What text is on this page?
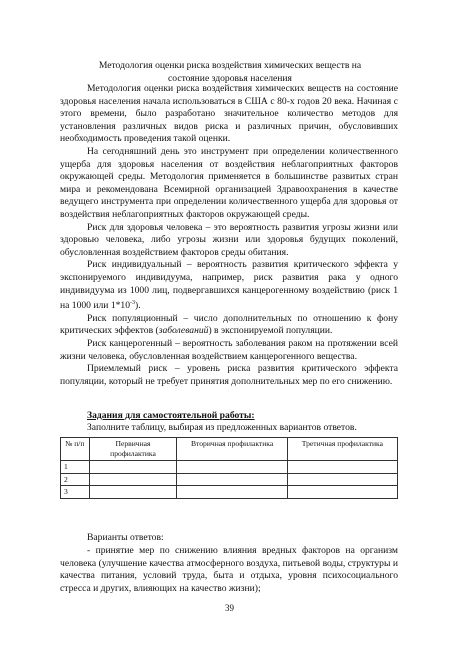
Методология оценки риска воздействия химических веществ на
состояние здоровья населения

Методология оценки риска воздействия химических веществ на состояние здоровья населения начала использоваться в США с 80-х годов 20 века. Начиная с этого времени, было разработано значительное количество методов для установления различных видов риска и различных причин, обусловивших необходимость проведения такой оценки.

На сегодняшний день это инструмент при определении количественного ущерба для здоровья населения от воздействия неблагоприятных факторов окружающей среды. Методология применяется в большинстве развитых стран мира и рекомендована Всемирной организацией Здравоохранения в качестве ведущего инструмента при определении количественного ущерба для здоровья от воздействия неблагоприятных факторов окружающей среды.

Риск для здоровья человека – это вероятность развития угрозы жизни или здоровью человека, либо угрозы жизни или здоровья будущих поколений, обусловленная воздействием факторов среды обитания.

Риск индивидуальный – вероятность развития критического эффекта у экспонируемого индивидуума, например, риск развития рака у одного индивидуума из 1000 лиц, подвергавшихся канцерогенному воздействию (риск 1 на 1000 или $1*10^{-3}$).

Риск популяционный – число дополнительных по отношению к фону критических эффектов (заболеваний) в экспонируемой популяции.

Риск канцерогенный – вероятность заболевания раком на протяжении всей жизни человека, обусловленная воздействием канцерогенного вещества.

Приемлемый риск – уровень риска развития критического эффекта популяции, который не требует принятия дополнительных мер по его снижению.

Задания для самостоятельной работы:
Заполните таблицу, выбирая из предложенных вариантов ответов.
№ п/п	Первичная профилактика	Вторичная профилактика	Третичная профилактика
1			
2			
3			
Варианты ответов:

- принятие мер по снижению влияния вредных факторов на организм человека (улучшение качества атмосферного воздуха, питьевой воды, структуры и качества питания, условий труда, быта и отдыха, уровня психосоциального стресса и других, влияющих на качество жизни);

39
